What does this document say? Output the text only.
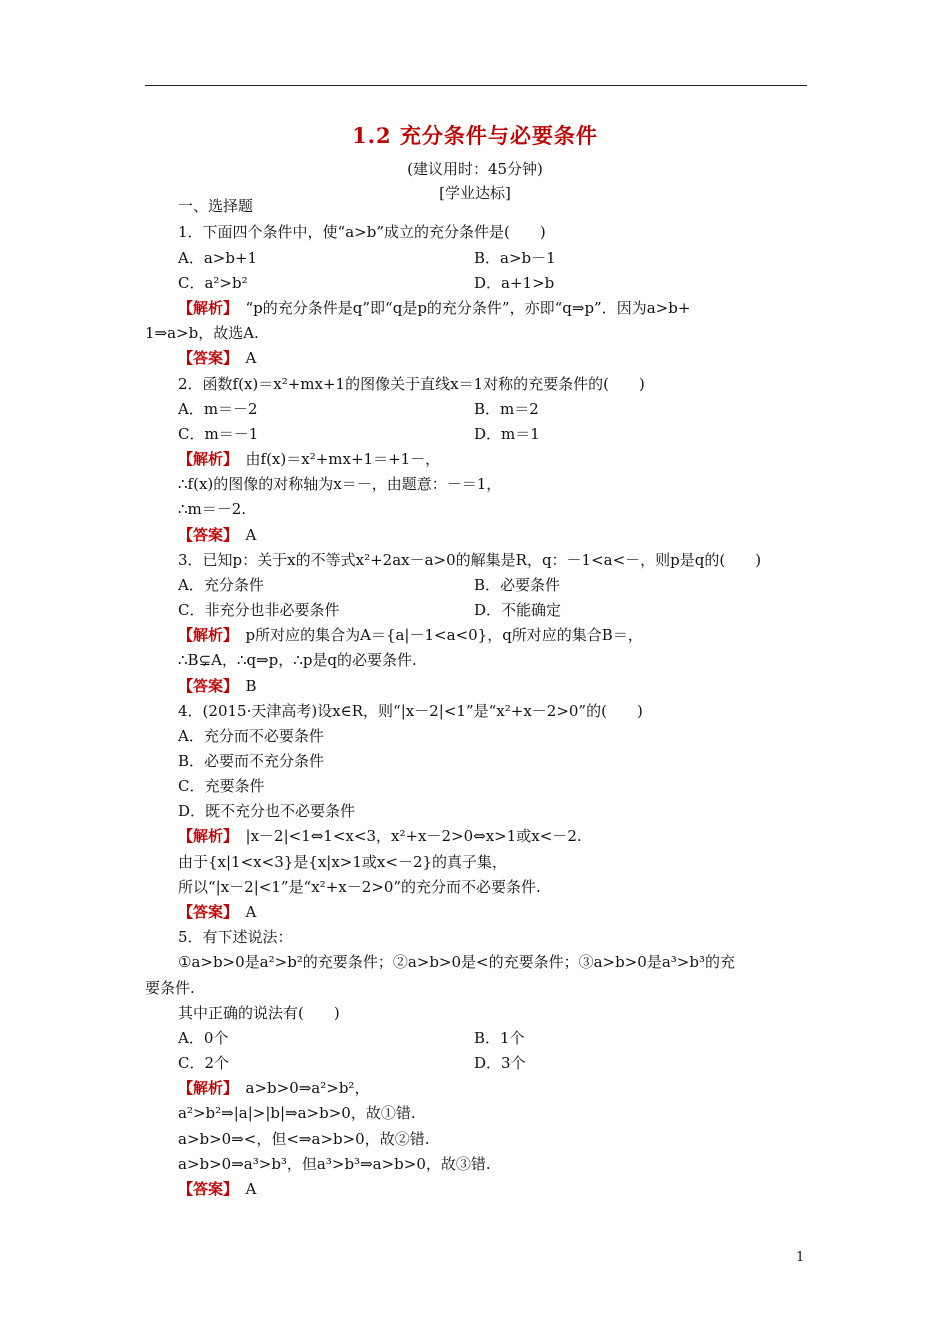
1.2 充分条件与必要条件
(建议用时：45分钟)
[学业达标]
一、选择题
1．下面四个条件中，使“a>b”成立的充分条件是(　　)
A．a>b+1	B．a>b－1
C．a²>b²	D．a+1>b
【解析】　“p的充分条件是q”即“q是p的充分条件”，亦即“q⇒p”．因为a>b+
1⇒a>b，故选A.
【答案】　A
2．函数f(x)＝x²+mx+1的图像关于直线x＝1对称的充要条件的(　　)
A．m＝－2	B．m＝2
C．m＝－1	D．m＝1
【解析】　由f(x)＝x²+mx+1＝+1－，
∴f(x)的图像的对称轴为x＝－，由题意：－＝1，
∴m＝－2.
【答案】　A
3．已知p：关于x的不等式x²+2ax－a>0的解集是R，q：－1<a<－，则p是q的(　　)
A．充分条件	B．必要条件
C．非充分也非必要条件	D．不能确定
【解析】　p所对应的集合为A＝{a|－1<a<0}，q所对应的集合B＝，
∴B⊊A，∴q⇒p，∴p是q的必要条件.
【答案】　B
4．(2015·天津高考)设x∈R，则“|x－2|<1”是“x²+x－2>0”的(　　)
A．充分而不必要条件
B．必要而不充分条件
C．充要条件
D．既不充分也不必要条件
【解析】　|x－2|<1⇔1<x<3，x²+x－2>0⇔x>1或x<－2.
由于{x|1<x<3}是{x|x>1或x<－2}的真子集，
所以“|x－2|<1”是“x²+x－2>0”的充分而不必要条件.
【答案】　A
5．有下述说法：
①a>b>0是a²>b²的充要条件；②a>b>0是<的充要条件；③a>b>0是a³>b³的充
要条件.
其中正确的说法有(　　)
A．0个	B．1个
C．2个	D．3个
【解析】　a>b>0⇒a²>b²，
a²>b²⇒|a|>|b|⇒a>b>0，故①错.
a>b>0⇒<，但<⇒a>b>0，故②错.
a>b>0⇒a³>b³，但a³>b³⇒a>b>0，故③错.
【答案】　A
1
